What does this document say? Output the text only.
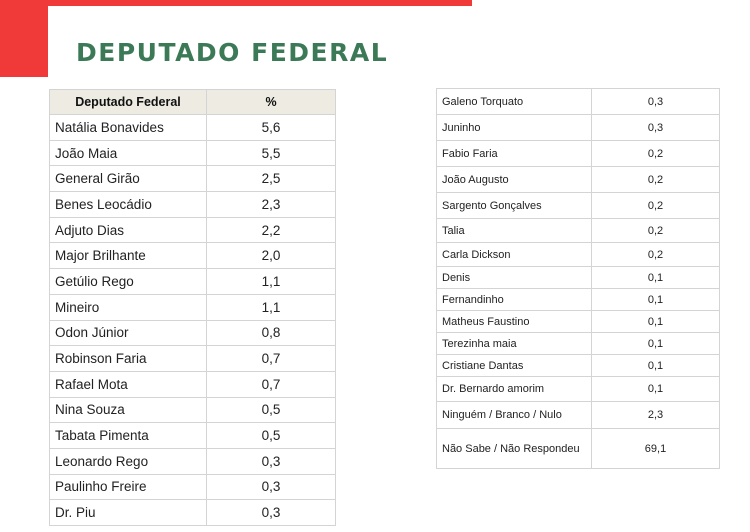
DEPUTADO FEDERAL
Deputado Federal	%
Natália Bonavides	5,6
João Maia	5,5
General Girão	2,5
Benes Leocádio	2,3
Adjuto Dias	2,2
Major Brilhante	2,0
Getúlio Rego	1,1
Mineiro	1,1
Odon Júnior	0,8
Robinson Faria	0,7
Rafael Mota	0,7
Nina Souza	0,5
Tabata Pimenta	0,5
Leonardo Rego	0,3
Paulinho Freire	0,3
Dr. Piu	0,3
Galeno Torquato	0,3
Juninho	0,3
Fabio Faria	0,2
João Augusto	0,2
Sargento Gonçalves	0,2
Talia	0,2
Carla Dickson	0,2
Denis	0,1
Fernandinho	0,1
Matheus Faustino	0,1
Terezinha maia	0,1
Cristiane Dantas	0,1
Dr. Bernardo amorim	0,1
Ninguém / Branco / Nulo	2,3
Não Sabe / Não Respondeu	69,1
